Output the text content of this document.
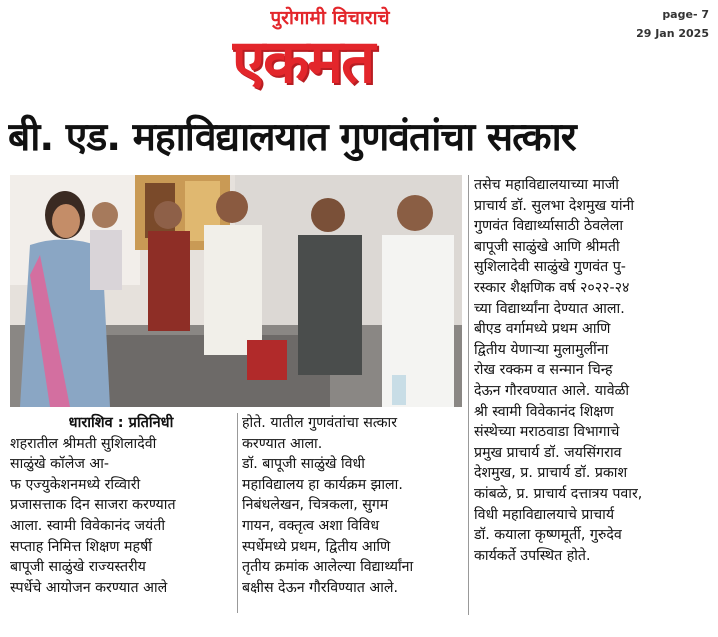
पुरोगामी विचाराचे
एकमत
page- 7
29 Jan 2025
बी. एड. महाविद्यालयात गुणवंतांचा सत्कार
धाराशिव : प्रतिनिधी
शहरातील श्रीमती सुशिलादेवी
साळुंखे कॉलेज आ-
फ एज्युकेशनमध्ये रव्विारी
प्रजासत्ताक दिन साजरा करण्यात
आला. स्वामी विवेकानंद जयंती
सप्ताह निमित्त शिक्षण महर्षी
बापूजी साळुंखे राज्यस्तरीय
स्पर्धेचे आयोजन करण्यात आले
होते. यातील गुणवंतांचा सत्कार
करण्यात आला.
डॉ. बापूजी साळुंखे विधी
महाविद्यालय हा कार्यक्रम झाला.
निबंधलेखन, चित्रकला, सुगम
गायन, वक्तृत्व अशा विविध
स्पर्धेमध्ये प्रथम, द्वितीय आणि
तृतीय क्रमांक आलेल्या विद्यार्थ्यांना
बक्षीस देऊन गौरविण्यात आले.
तसेच महाविद्यालयाच्या माजी
प्राचार्य डॉ. सुलभा देशमुख यांनी
गुणवंत विद्यार्थ्यासाठी ठेवलेला
बापूजी साळुंखे आणि श्रीमती
सुशिलादेवी साळुंखे गुणवंत पु-
रस्कार शैक्षणिक वर्ष २०२२-२४
च्या विद्यार्थ्यांना देण्यात आला.
बीएड वर्गामध्ये प्रथम आणि
द्वितीय येणाऱ्या मुलामुलींना
रोख रक्कम व सन्मान चिन्ह
देऊन गौरवण्यात आले. यावेळी
श्री स्वामी विवेकानंद शिक्षण
संस्थेच्या मराठवाडा विभागाचे
प्रमुख प्राचार्य डॉ. जयसिंगराव
देशमुख, प्र. प्राचार्य डॉ. प्रकाश
कांबळे, प्र. प्राचार्य दत्तात्रय पवार,
विधी महाविद्यालयाचे प्राचार्य
डॉ. कयाला कृष्णमूर्ती, गुरुदेव
कार्यकर्ते उपस्थित होते.
